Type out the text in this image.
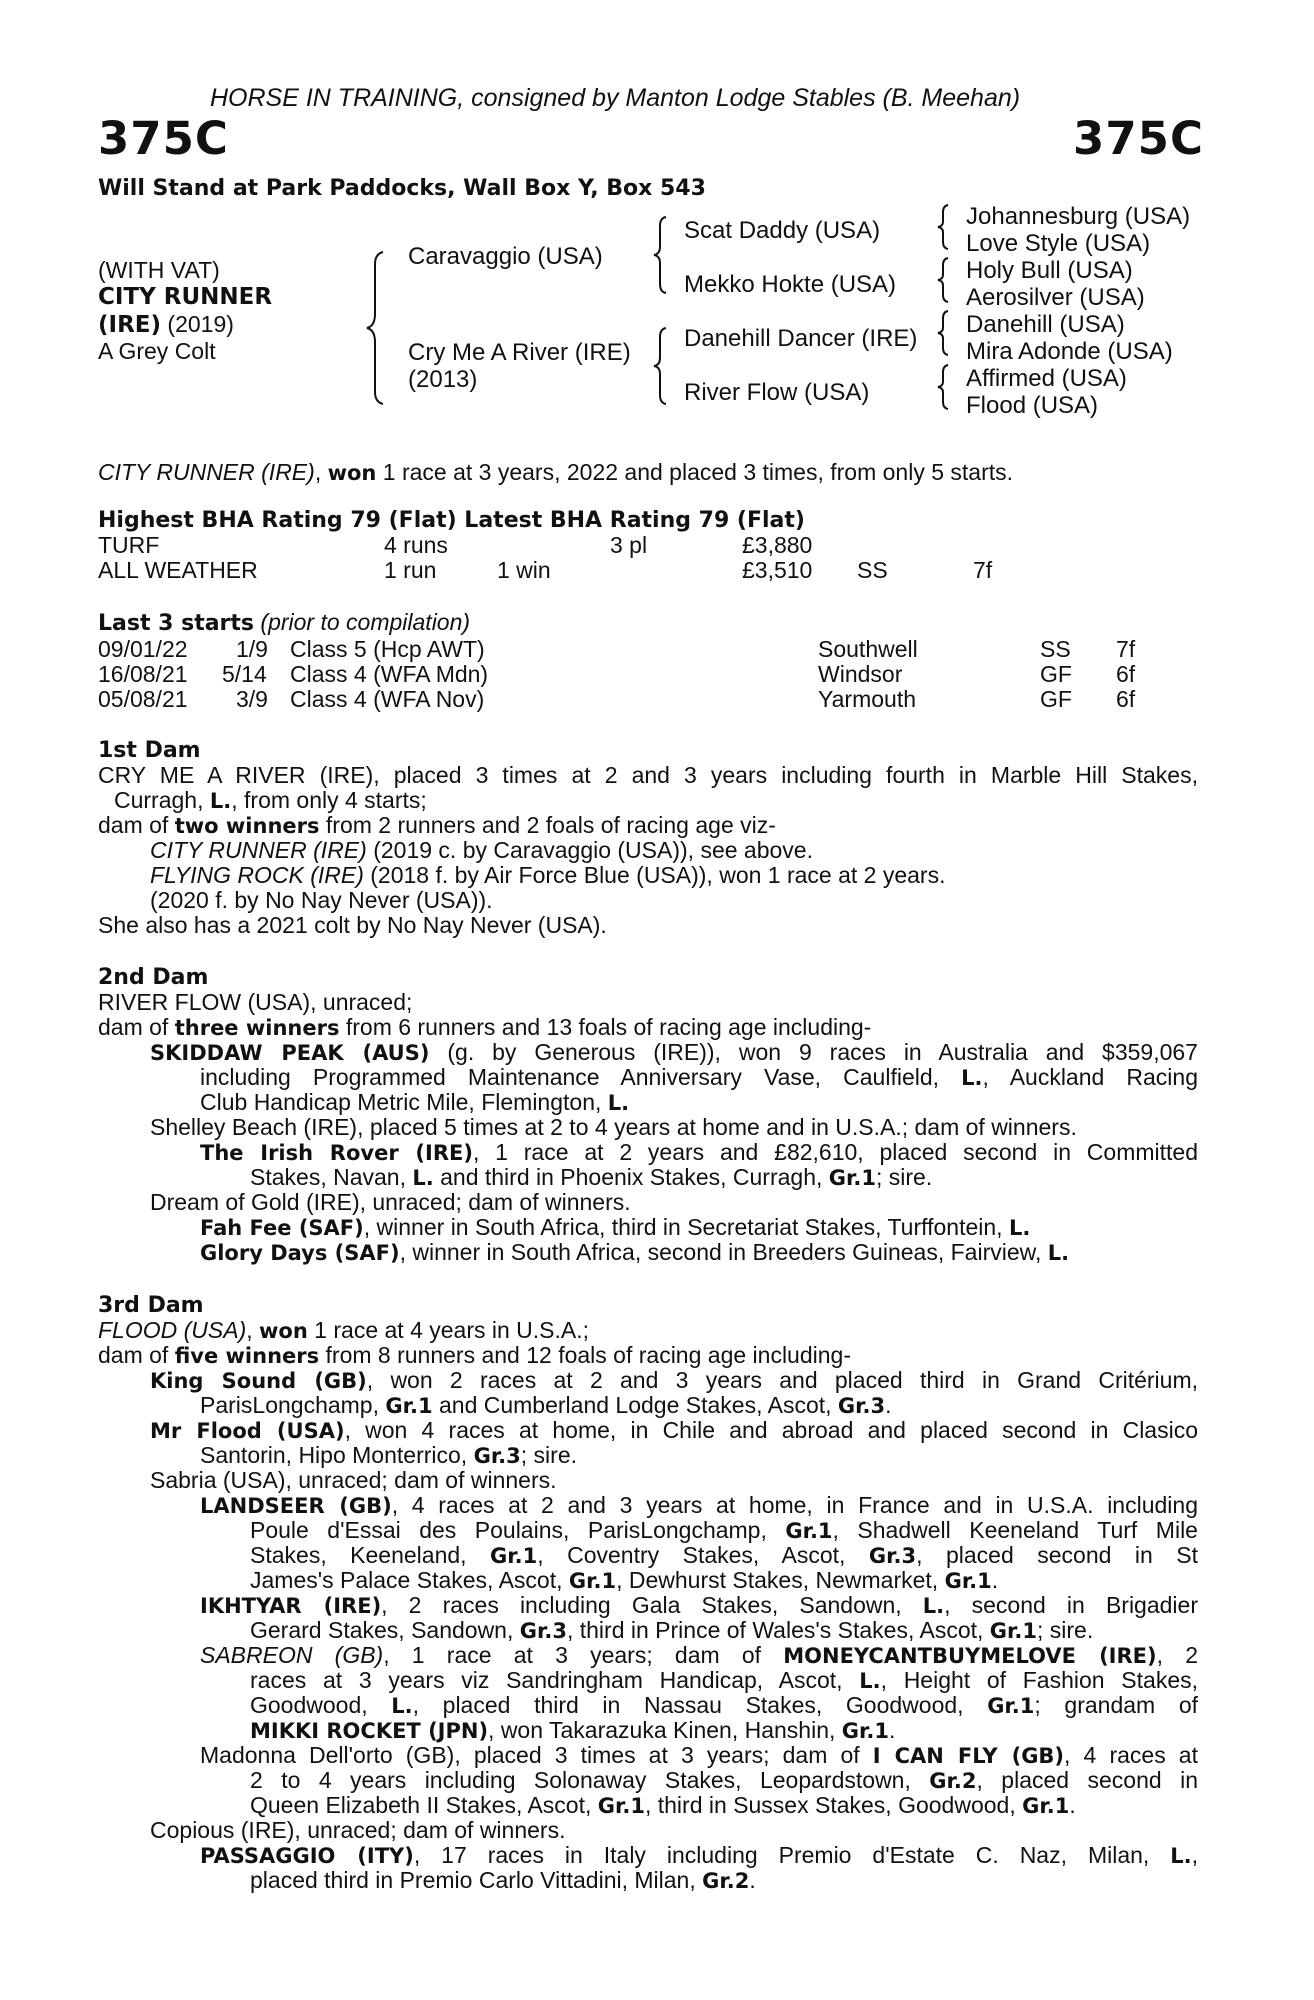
HORSE IN TRAINING, consigned by Manton Lodge Stables (B. Meehan)
375C	375C
Will Stand at Park Paddocks, Wall Box Y, Box 543
(WITH VAT)
CITY RUNNER
(IRE) (2019)
A Grey Colt
Caravaggio (USA)
Cry Me A River (IRE)
(2013)
Scat Daddy (USA)
Mekko Hokte (USA)
Danehill Dancer (IRE)
River Flow (USA)
Johannesburg (USA)
Love Style (USA)
Holy Bull (USA)
Aerosilver (USA)
Danehill (USA)
Mira Adonde (USA)
Affirmed (USA)
Flood (USA)
CITY RUNNER (IRE), won 1 race at 3 years, 2022 and placed 3 times, from only 5 starts.
Highest BHA Rating 79 (Flat) Latest BHA Rating 79 (Flat)
TURF	4 runs	3 pl	£3,880
ALL WEATHER	1 run	1 win	£3,510 SS	7f
Last 3 starts (prior to compilation)
09/01/22 1/9 Class 5 (Hcp AWT)	Southwell	SS 7f
16/08/21 5/14 Class 4 (WFA Mdn)	Windsor	GF 6f
05/08/21 3/9 Class 4 (WFA Nov)	Yarmouth	GF 6f
1st Dam
CRY ME A RIVER (IRE), placed 3 times at 2 and 3 years including fourth in Marble Hill Stakes,
Curragh, L., from only 4 starts;
dam of two winners from 2 runners and 2 foals of racing age viz-
CITY RUNNER (IRE) (2019 c. by Caravaggio (USA)), see above.
FLYING ROCK (IRE) (2018 f. by Air Force Blue (USA)), won 1 race at 2 years.
(2020 f. by No Nay Never (USA)).
She also has a 2021 colt by No Nay Never (USA).
2nd Dam
RIVER FLOW (USA), unraced;
dam of three winners from 6 runners and 13 foals of racing age including-
SKIDDAW PEAK (AUS) (g. by Generous (IRE)), won 9 races in Australia and $359,067
including Programmed Maintenance Anniversary Vase, Caulfield, L., Auckland Racing
Club Handicap Metric Mile, Flemington, L.
Shelley Beach (IRE), placed 5 times at 2 to 4 years at home and in U.S.A.; dam of winners.
The Irish Rover (IRE), 1 race at 2 years and £82,610, placed second in Committed
Stakes, Navan, L. and third in Phoenix Stakes, Curragh, Gr.1; sire.
Dream of Gold (IRE), unraced; dam of winners.
Fah Fee (SAF), winner in South Africa, third in Secretariat Stakes, Turffontein, L.
Glory Days (SAF), winner in South Africa, second in Breeders Guineas, Fairview, L.
3rd Dam
FLOOD (USA), won 1 race at 4 years in U.S.A.;
dam of five winners from 8 runners and 12 foals of racing age including-
King Sound (GB), won 2 races at 2 and 3 years and placed third in Grand Critérium,
ParisLongchamp, Gr.1 and Cumberland Lodge Stakes, Ascot, Gr.3.
Mr Flood (USA), won 4 races at home, in Chile and abroad and placed second in Clasico
Santorin, Hipo Monterrico, Gr.3; sire.
Sabria (USA), unraced; dam of winners.
LANDSEER (GB), 4 races at 2 and 3 years at home, in France and in U.S.A. including
Poule d'Essai des Poulains, ParisLongchamp, Gr.1, Shadwell Keeneland Turf Mile
Stakes, Keeneland, Gr.1, Coventry Stakes, Ascot, Gr.3, placed second in St
James's Palace Stakes, Ascot, Gr.1, Dewhurst Stakes, Newmarket, Gr.1.
IKHTYAR (IRE), 2 races including Gala Stakes, Sandown, L., second in Brigadier
Gerard Stakes, Sandown, Gr.3, third in Prince of Wales's Stakes, Ascot, Gr.1; sire.
SABREON (GB), 1 race at 3 years; dam of MONEYCANTBUYMELOVE (IRE), 2
races at 3 years viz Sandringham Handicap, Ascot, L., Height of Fashion Stakes,
Goodwood, L., placed third in Nassau Stakes, Goodwood, Gr.1; grandam of
MIKKI ROCKET (JPN), won Takarazuka Kinen, Hanshin, Gr.1.
Madonna Dell'orto (GB), placed 3 times at 3 years; dam of I CAN FLY (GB), 4 races at
2 to 4 years including Solonaway Stakes, Leopardstown, Gr.2, placed second in
Queen Elizabeth II Stakes, Ascot, Gr.1, third in Sussex Stakes, Goodwood, Gr.1.
Copious (IRE), unraced; dam of winners.
PASSAGGIO (ITY), 17 races in Italy including Premio d'Estate C. Naz, Milan, L.,
placed third in Premio Carlo Vittadini, Milan, Gr.2.
